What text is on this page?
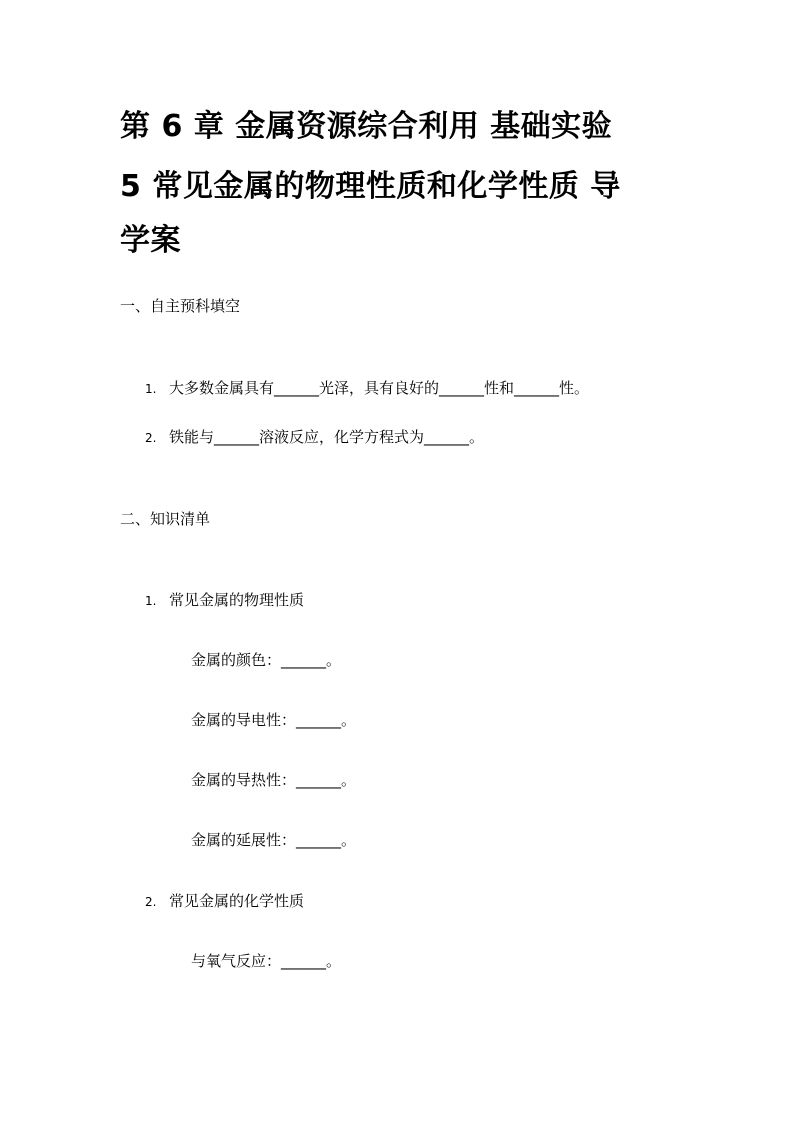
第 6 章 金属资源综合利用 基础实验
5 常见金属的物理性质和化学性质 导
学案
一、自主预科填空
1. 大多数金属具有______光泽，具有良好的______性和______性。
2. 铁能与______溶液反应，化学方程式为______。
二、知识清单
1. 常见金属的物理性质
金属的颜色：______。
金属的导电性：______。
金属的导热性：______。
金属的延展性：______。
2. 常见金属的化学性质
与氧气反应：______。
